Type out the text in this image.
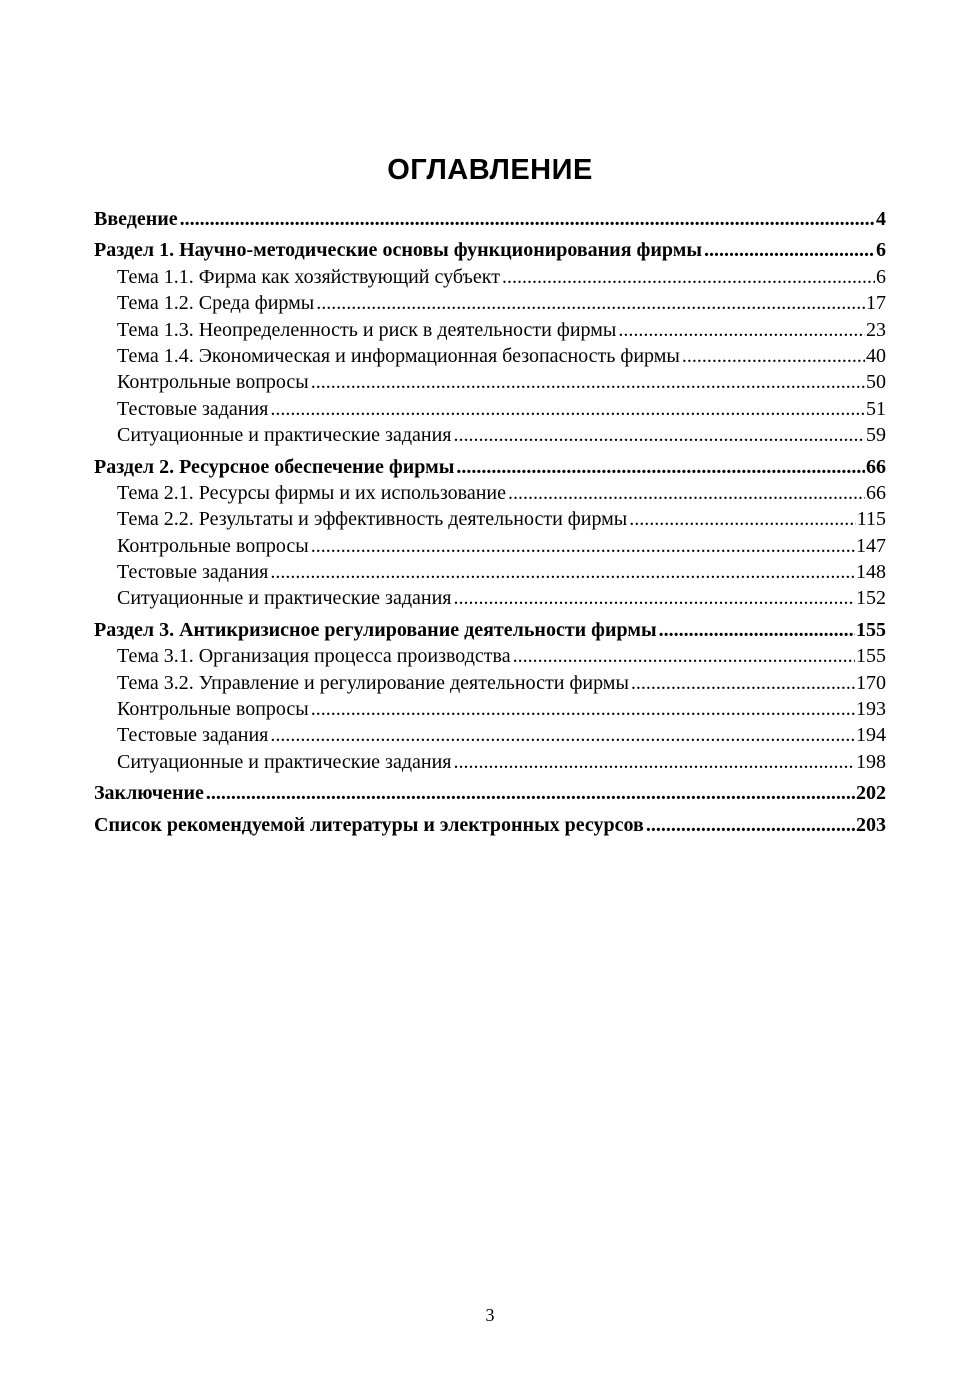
ОГЛАВЛЕНИЕ
Введение .....	4
Раздел 1. Научно-методические основы функционирования фирмы .....	6
Тема 1.1. Фирма как хозяйствующий субъект .....	6
Тема 1.2. Среда фирмы .....	17
Тема 1.3. Неопределенность и риск в деятельности фирмы .....	23
Тема 1.4. Экономическая и информационная безопасность фирмы .....	40
Контрольные вопросы .....	50
Тестовые задания .....	51
Ситуационные и практические задания .....	59
Раздел 2. Ресурсное обеспечение фирмы .....	66
Тема 2.1. Ресурсы фирмы и их использование .....	66
Тема 2.2. Результаты и эффективность деятельности фирмы .....	115
Контрольные вопросы .....	147
Тестовые задания .....	148
Ситуационные и практические задания .....	152
Раздел 3. Антикризисное регулирование деятельности фирмы .....	155
Тема 3.1. Организация процесса производства .....	155
Тема 3.2. Управление и регулирование деятельности фирмы .....	170
Контрольные вопросы .....	193
Тестовые задания .....	194
Ситуационные и практические задания .....	198
Заключение .....	202
Список рекомендуемой литературы и электронных ресурсов .....	203
3
